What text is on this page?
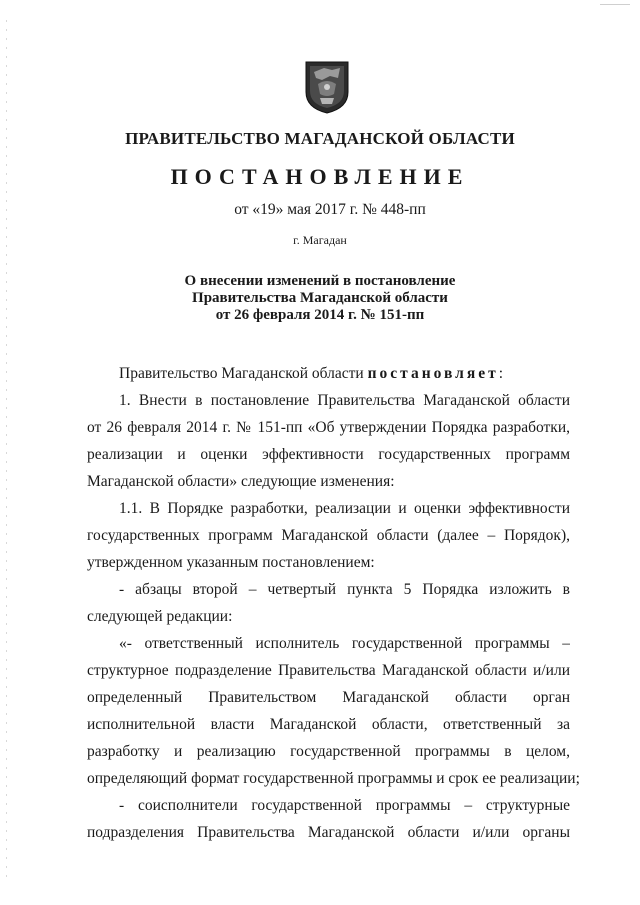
ПРАВИТЕЛЬСТВО МАГАДАНСКОЙ ОБЛАСТИ
ПОСТАНОВЛЕНИЕ
от «19» мая 2017 г. № 448-пп
г. Магадан
О внесении изменений в постановление
Правительства Магаданской области
от 26 февраля 2014 г. № 151-пп
Правительство Магаданской области постановляет:
1. Внести в постановление Правительства Магаданской области
от 26 февраля 2014 г. № 151-пп «Об утверждении Порядка разработки,
реализации и оценки эффективности государственных программ
Магаданской области» следующие изменения:
1.1. В Порядке разработки, реализации и оценки эффективности
государственных программ Магаданской области (далее – Порядок),
утвержденном указанным постановлением:
- абзацы второй – четвертый пункта 5 Порядка изложить в
следующей редакции:
«- ответственный исполнитель государственной программы –
структурное подразделение Правительства Магаданской области и/или
определенный Правительством Магаданской области орган
исполнительной власти Магаданской области, ответственный за
разработку и реализацию государственной программы в целом,
определяющий формат государственной программы и срок ее реализации;
- соисполнители государственной программы – структурные
подразделения Правительства Магаданской области и/или органы
